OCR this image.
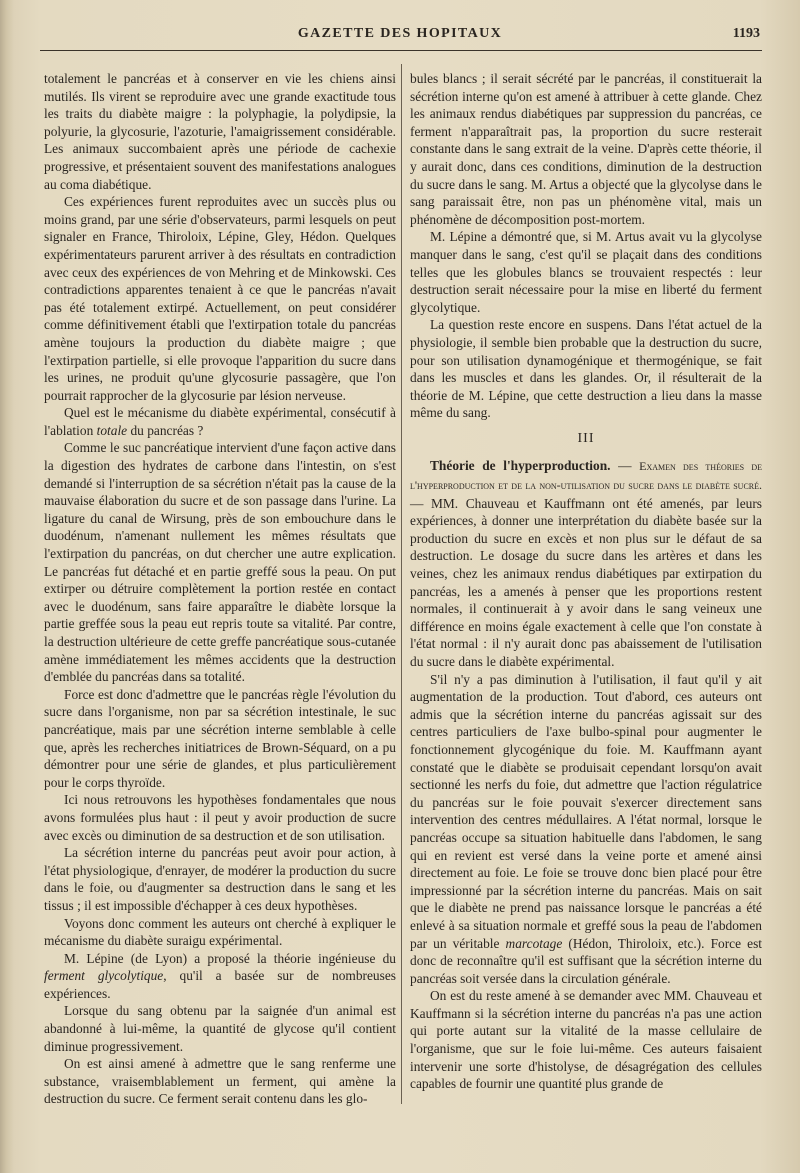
GAZETTE DES HOPITAUX	1193

totalement le pancréas et à conserver en vie les chiens ainsi mutilés. Ils virent se reproduire avec une grande exactitude tous les traits du diabète maigre : la polyphagie, la polydipsie, la polyurie, la glycosurie, l'azoturie, l'amaigrissement considérable. Les animaux succombaient après une période de cachexie progressive, et présentaient souvent des manifestations analogues au coma diabétique.

Ces expériences furent reproduites avec un succès plus ou moins grand, par une série d'observateurs, parmi lesquels on peut signaler en France, Thiroloix, Lépine, Gley, Hédon. Quelques expérimentateurs parurent arriver à des résultats en contradiction avec ceux des expériences de von Mehring et de Minkowski. Ces contradictions apparentes tenaient à ce que le pancréas n'avait pas été totalement extirpé. Actuellement, on peut considérer comme définitivement établi que l'extirpation totale du pancréas amène toujours la production du diabète maigre ; que l'extirpation partielle, si elle provoque l'apparition du sucre dans les urines, ne produit qu'une glycosurie passagère, que l'on pourrait rapprocher de la glycosurie par lésion nerveuse.

Quel est le mécanisme du diabète expérimental, consécutif à l'ablation totale du pancréas ?

Comme le suc pancréatique intervient d'une façon active dans la digestion des hydrates de carbone dans l'intestin, on s'est demandé si l'interruption de sa sécrétion n'était pas la cause de la mauvaise élaboration du sucre et de son passage dans l'urine. La ligature du canal de Wirsung, près de son embouchure dans le duodénum, n'amenant nullement les mêmes résultats que l'extirpation du pancréas, on dut chercher une autre explication. Le pancréas fut détaché et en partie greffé sous la peau. On put extirper ou détruire complètement la portion restée en contact avec le duodénum, sans faire apparaître le diabète lorsque la partie greffée sous la peau eut repris toute sa vitalité. Par contre, la destruction ultérieure de cette greffe pancréatique sous-cutanée amène immédiatement les mêmes accidents que la destruction d'emblée du pancréas dans sa totalité.

Force est donc d'admettre que le pancréas règle l'évolution du sucre dans l'organisme, non par sa sécrétion intestinale, le suc pancréatique, mais par une sécrétion interne semblable à celle que, après les recherches initiatrices de Brown-Séquard, on a pu démontrer pour une série de glandes, et plus particulièrement pour le corps thyroïde.

Ici nous retrouvons les hypothèses fondamentales que nous avons formulées plus haut : il peut y avoir production de sucre avec excès ou diminution de sa destruction et de son utilisation.

La sécrétion interne du pancréas peut avoir pour action, à l'état physiologique, d'enrayer, de modérer la production du sucre dans le foie, ou d'augmenter sa destruction dans le sang et les tissus ; il est impossible d'échapper à ces deux hypothèses.

Voyons donc comment les auteurs ont cherché à expliquer le mécanisme du diabète suraigu expérimental.

M. Lépine (de Lyon) a proposé la théorie ingénieuse du ferment glycolytique, qu'il a basée sur de nombreuses expériences.

Lorsque du sang obtenu par la saignée d'un animal est abandonné à lui-même, la quantité de glycose qu'il contient diminue progressivement.

On est ainsi amené à admettre que le sang renferme une substance, vraisemblablement un ferment, qui amène la destruction du sucre. Ce ferment serait contenu dans les glo-

bules blancs ; il serait sécrété par le pancréas, il constituerait la sécrétion interne qu'on est amené à attribuer à cette glande. Chez les animaux rendus diabétiques par suppression du pancréas, ce ferment n'apparaîtrait pas, la proportion du sucre resterait constante dans le sang extrait de la veine. D'après cette théorie, il y aurait donc, dans ces conditions, diminution de la destruction du sucre dans le sang. M. Artus a objecté que la glycolyse dans le sang paraissait être, non pas un phénomène vital, mais un phénomène de décomposition post-mortem.

M. Lépine a démontré que, si M. Artus avait vu la glycolyse manquer dans le sang, c'est qu'il se plaçait dans des conditions telles que les globules blancs se trouvaient respectés : leur destruction serait nécessaire pour la mise en liberté du ferment glycolytique.

La question reste encore en suspens. Dans l'état actuel de la physiologie, il semble bien probable que la destruction du sucre, pour son utilisation dynamogénique et thermogénique, se fait dans les muscles et dans les glandes. Or, il résulterait de la théorie de M. Lépine, que cette destruction a lieu dans la masse même du sang.

III

Théorie de l'hyperproduction. — Examen des théories de l'hyperproduction et de la non-utilisation du sucre dans le diabète sucré. — MM. Chauveau et Kauffmann ont été amenés, par leurs expériences, à donner une interprétation du diabète basée sur la production du sucre en excès et non plus sur le défaut de sa destruction. Le dosage du sucre dans les artères et dans les veines, chez les animaux rendus diabétiques par extirpation du pancréas, les a amenés à penser que les proportions restent normales, il continuerait à y avoir dans le sang veineux une différence en moins égale exactement à celle que l'on constate à l'état normal : il n'y aurait donc pas abaissement de l'utilisation du sucre dans le diabète expérimental.

S'il n'y a pas diminution à l'utilisation, il faut qu'il y ait augmentation de la production. Tout d'abord, ces auteurs ont admis que la sécrétion interne du pancréas agissait sur des centres particuliers de l'axe bulbo-spinal pour augmenter le fonctionnement glycogénique du foie. M. Kauffmann ayant constaté que le diabète se produisait cependant lorsqu'on avait sectionné les nerfs du foie, dut admettre que l'action régulatrice du pancréas sur le foie pouvait s'exercer directement sans intervention des centres médullaires. A l'état normal, lorsque le pancréas occupe sa situation habituelle dans l'abdomen, le sang qui en revient est versé dans la veine porte et amené ainsi directement au foie. Le foie se trouve donc bien placé pour être impressionné par la sécrétion interne du pancréas. Mais on sait que le diabète ne prend pas naissance lorsque le pancréas a été enlevé à sa situation normale et greffé sous la peau de l'abdomen par un véritable marcotage (Hédon, Thiroloix, etc.). Force est donc de reconnaître qu'il est suffisant que la sécrétion interne du pancréas soit versée dans la circulation générale.

On est du reste amené à se demander avec MM. Chauveau et Kauffmann si la sécrétion interne du pancréas n'a pas une action qui porte autant sur la vitalité de la masse cellulaire de l'organisme, que sur le foie lui-même. Ces auteurs faisaient intervenir une sorte d'histolyse, de désagrégation des cellules capables de fournir une quantité plus grande de
